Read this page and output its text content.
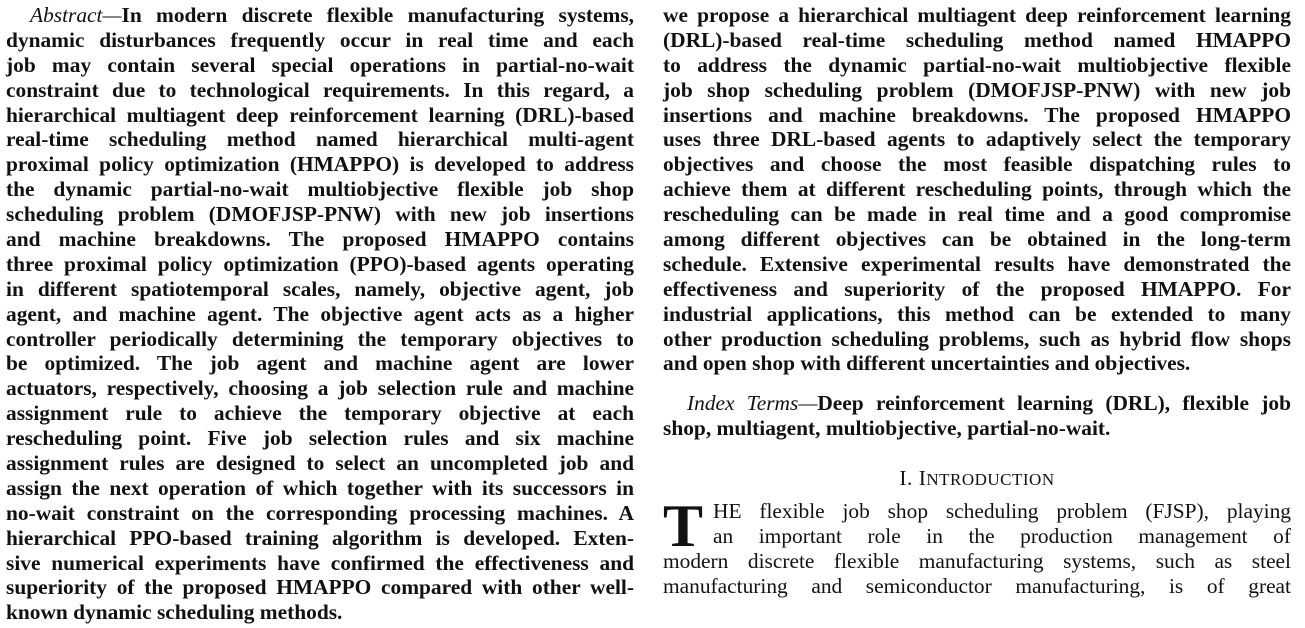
Abstract—In modern discrete flexible manufacturing systems,
dynamic disturbances frequently occur in real time and each
job may contain several special operations in partial-no-wait
constraint due to technological requirements. In this regard, a
hierarchical multiagent deep reinforcement learning (DRL)-based
real-time scheduling method named hierarchical multi-agent
proximal policy optimization (HMAPPO) is developed to address
the dynamic partial-no-wait multiobjective flexible job shop
scheduling problem (DMOFJSP-PNW) with new job insertions
and machine breakdowns. The proposed HMAPPO contains
three proximal policy optimization (PPO)-based agents operating
in different spatiotemporal scales, namely, objective agent, job
agent, and machine agent. The objective agent acts as a higher
controller periodically determining the temporary objectives to
be optimized. The job agent and machine agent are lower
actuators, respectively, choosing a job selection rule and machine
assignment rule to achieve the temporary objective at each
rescheduling point. Five job selection rules and six machine
assignment rules are designed to select an uncompleted job and
assign the next operation of which together with its successors in
no-wait constraint on the corresponding processing machines. A
hierarchical PPO-based training algorithm is developed. Exten-
sive numerical experiments have confirmed the effectiveness and
superiority of the proposed HMAPPO compared with other well-
known dynamic scheduling methods.
we propose a hierarchical multiagent deep reinforcement learning
(DRL)-based real-time scheduling method named HMAPPO
to address the dynamic partial-no-wait multiobjective flexible
job shop scheduling problem (DMOFJSP-PNW) with new job
insertions and machine breakdowns. The proposed HMAPPO
uses three DRL-based agents to adaptively select the temporary
objectives and choose the most feasible dispatching rules to
achieve them at different rescheduling points, through which the
rescheduling can be made in real time and a good compromise
among different objectives can be obtained in the long-term
schedule. Extensive experimental results have demonstrated the
effectiveness and superiority of the proposed HMAPPO. For
industrial applications, this method can be extended to many
other production scheduling problems, such as hybrid flow shops
and open shop with different uncertainties and objectives.
Index Terms—Deep reinforcement learning (DRL), flexible job
shop, multiagent, multiobjective, partial-no-wait.
I. INTRODUCTION
T HE flexible job shop scheduling problem (FJSP), playing
an important role in the production management of
modern discrete flexible manufacturing systems, such as steel
manufacturing and semiconductor manufacturing, is of great
